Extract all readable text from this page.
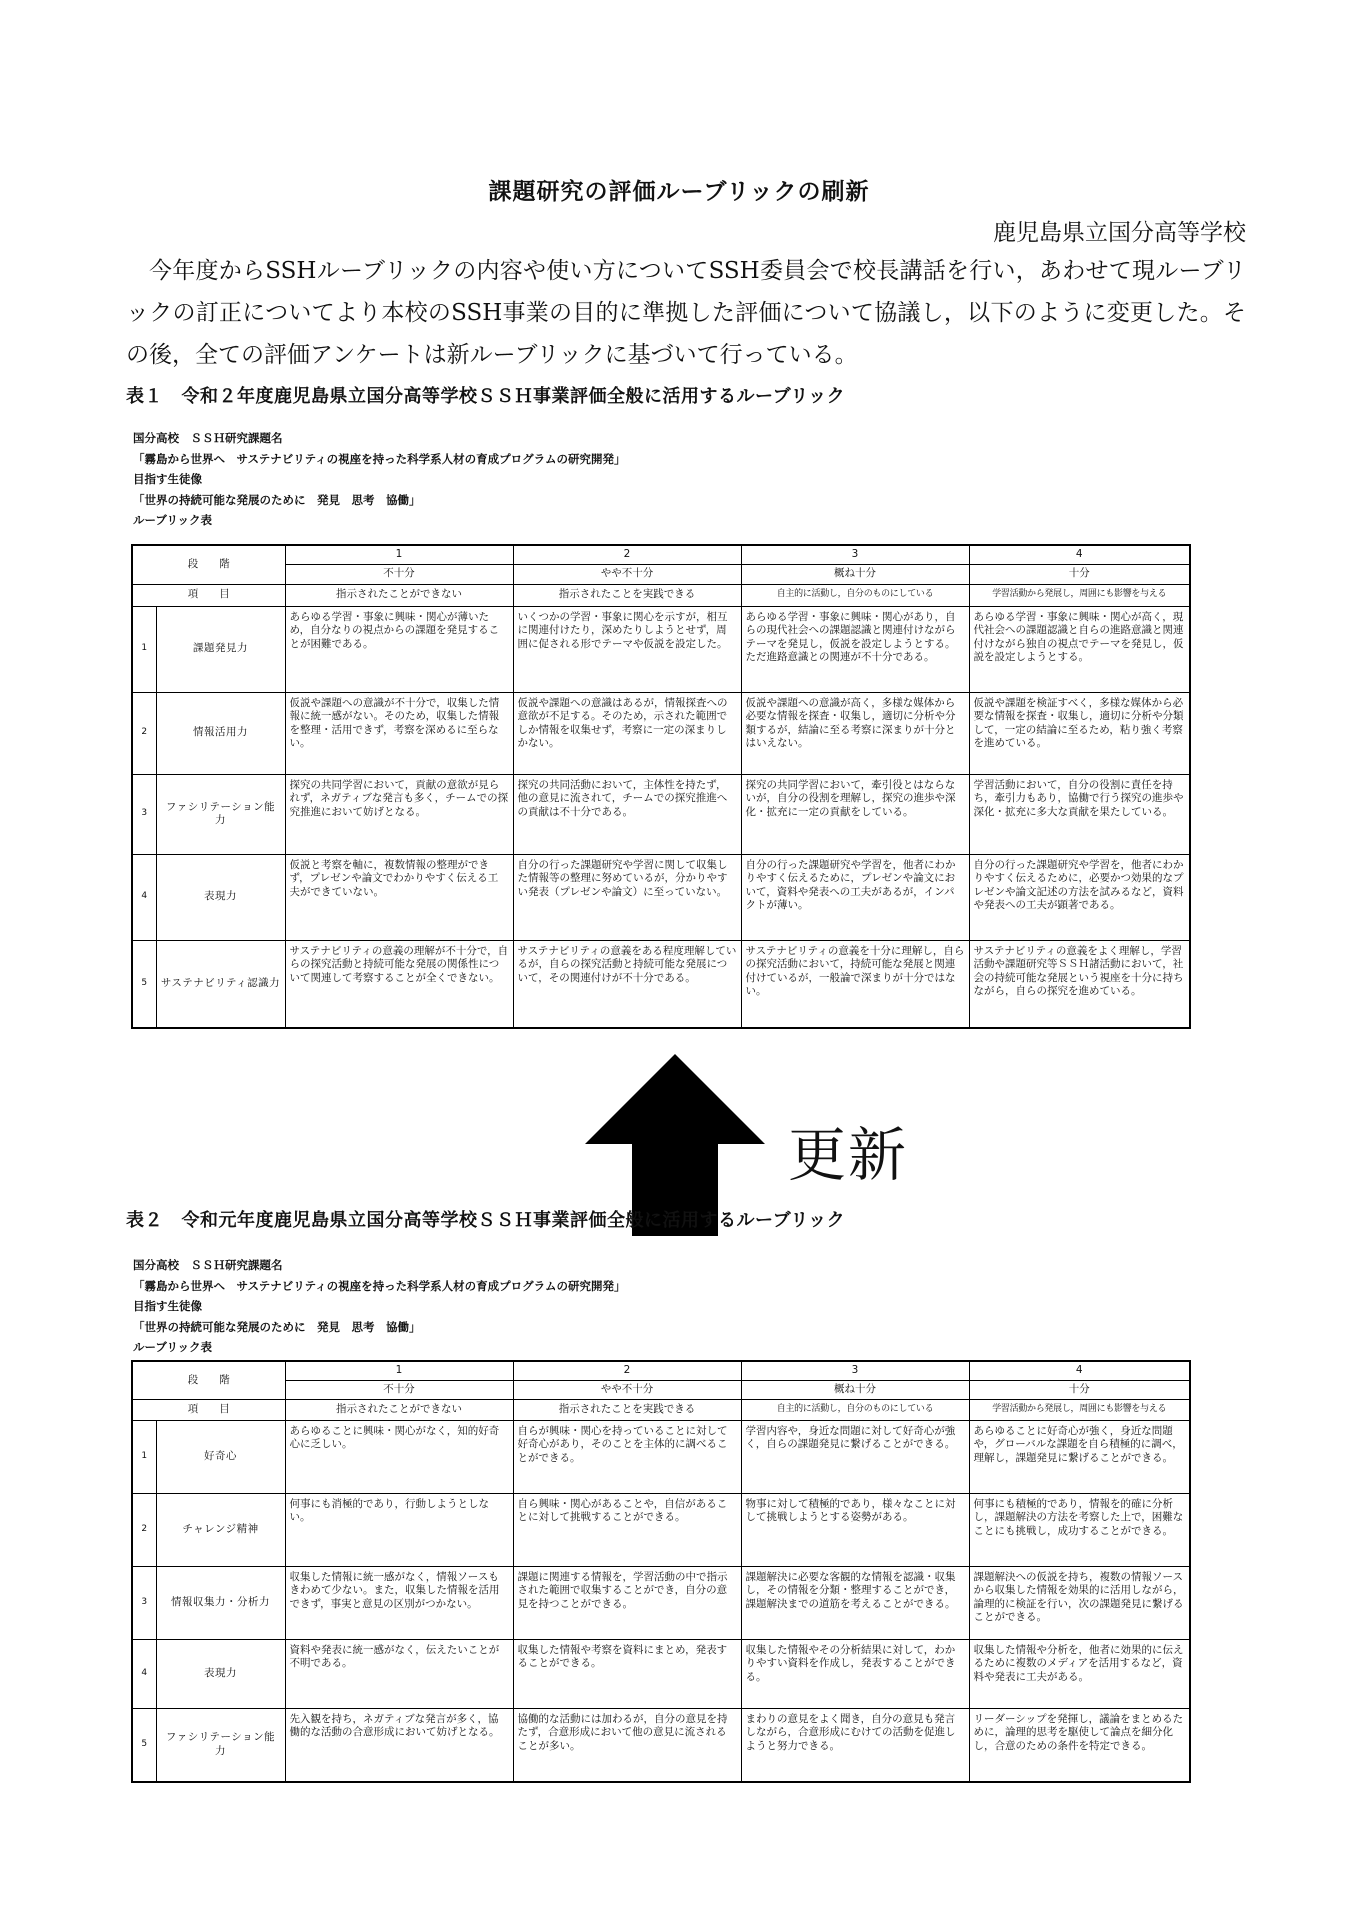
課題研究の評価ルーブリックの刷新
鹿児島県立国分高等学校
今年度からSSHルーブリックの内容や使い方についてSSH委員会で校長講話を行い，あわせて現ルーブリックの訂正についてより本校のSSH事業の目的に準拠した評価について協議し，以下のように変更した。その後，全ての評価アンケートは新ルーブリックに基づいて行っている。
表１　令和２年度鹿児島県立国分高等学校ＳＳＨ事業評価全般に活用するルーブリック
国分高校　ＳＳＨ研究課題名
「霧島から世界へ　サステナビリティの視座を持った科学系人材の育成プログラムの研究開発」
目指す生徒像
「世界の持続可能な発展のために　発見　思考　協働」
ルーブリック表
段　　階		1	2	3	4
		不十分	やや不十分	概ね十分	十分
項　　目		指示されたことができない	指示されたことを実践できる	自主的に活動し，自分のものにしている	学習活動から発展し，周囲にも影響を与える
1	課題発見力	あらゆる学習・事象に興味・関心が薄いため，自分なりの視点からの課題を発見することが困難である。	いくつかの学習・事象に関心を示すが，相互に関連付けたり，深めたりしようとせず，周囲に促される形でテーマや仮説を設定した。	あらゆる学習・事象に興味・関心があり，自らの現代社会への課題認識と関連付けながらテーマを発見し，仮説を設定しようとする。ただ進路意識との関連が不十分である。	あらゆる学習・事象に興味・関心が高く，現代社会への課題認識と自らの進路意識と関連付けながら独自の視点でテーマを発見し，仮説を設定しようとする。
2	情報活用力	仮説や課題への意識が不十分で，収集した情報に統一感がない。そのため，収集した情報を整理・活用できず，考察を深めるに至らない。	仮説や課題への意識はあるが，情報探査への意欲が不足する。そのため，示された範囲でしか情報を収集せず，考察に一定の深まりしかない。	仮説や課題への意識が高く，多様な媒体から必要な情報を探査・収集し，適切に分析や分類するが，結論に至る考察に深まりが十分とはいえない。	仮説や課題を検証すべく，多様な媒体から必要な情報を探査・収集し，適切に分析や分類して，一定の結論に至るため，粘り強く考察を進めている。
3	ファシリテーション能力	探究の共同学習において，貢献の意欲が見られず，ネガティブな発言も多く，チームでの探究推進において妨げとなる。	探究の共同活動において，主体性を持たず，他の意見に流されて，チームでの探究推進への貢献は不十分である。	探究の共同学習において，牽引役とはならないが，自分の役割を理解し，探究の進歩や深化・拡充に一定の貢献をしている。	学習活動において，自分の役割に責任を持ち，牽引力もあり，協働で行う探究の進歩や深化・拡充に多大な貢献を果たしている。
4	表現力	仮説と考察を軸に，複数情報の整理ができず，プレゼンや論文でわかりやすく伝える工夫ができていない。	自分の行った課題研究や学習に関して収集した情報等の整理に努めているが，分かりやすい発表（プレゼンや論文）に至っていない。	自分の行った課題研究や学習を，他者にわかりやすく伝えるために，プレゼンや論文において，資料や発表への工夫があるが，インパクトが薄い。	自分の行った課題研究や学習を，他者にわかりやすく伝えるために，必要かつ効果的なプレゼンや論文記述の方法を試みるなど，資料や発表への工夫が顕著である。
5	サステナビリティ認識力	サステナビリティの意義の理解が不十分で，自らの探究活動と持続可能な発展の関係性について関連して考察することが全くできない。	サステナビリティの意義をある程度理解しているが，自らの探究活動と持続可能な発展について，その関連付けが不十分である。	サステナビリティの意義を十分に理解し，自らの探究活動において，持続可能な発展と関連付けているが，一般論で深まりが十分ではない。	サステナビリティの意義をよく理解し，学習活動や課題研究等ＳＳＨ諸活動において，社会の持続可能な発展という視座を十分に持ちながら，自らの探究を進めている。
更新
表２　令和元年度鹿児島県立国分高等学校ＳＳＨ事業評価全般に活用するルーブリック
国分高校　ＳＳＨ研究課題名
「霧島から世界へ　サステナビリティの視座を持った科学系人材の育成プログラムの研究開発」
目指す生徒像
「世界の持続可能な発展のために　発見　思考　協働」
ルーブリック表
段　　階		1	2	3	4
		不十分	やや不十分	概ね十分	十分
項　　目		指示されたことができない	指示されたことを実践できる	自主的に活動し，自分のものにしている	学習活動から発展し，周囲にも影響を与える
1	好奇心	あらゆることに興味・関心がなく，知的好奇心に乏しい。	自らが興味・関心を持っていることに対して好奇心があり，そのことを主体的に調べることができる。	学習内容や，身近な問題に対して好奇心が強く，自らの課題発見に繋げることができる。	あらゆることに好奇心が強く，身近な問題や，グローバルな課題を自ら積極的に調べ，理解し，課題発見に繋げることができる。
2	チャレンジ精神	何事にも消極的であり，行動しようとしない。	自ら興味・関心があることや，自信があることに対して挑戦することができる。	物事に対して積極的であり，様々なことに対して挑戦しようとする姿勢がある。	何事にも積極的であり，情報を的確に分析し，課題解決の方法を考察した上で，困難なことにも挑戦し，成功することができる。
3	情報収集力・分析力	収集した情報に統一感がなく，情報ソースもきわめて少ない。また，収集した情報を活用できず，事実と意見の区別がつかない。	課題に関連する情報を，学習活動の中で指示された範囲で収集することができ，自分の意見を持つことができる。	課題解決に必要な客観的な情報を認識・収集し，その情報を分類・整理することができ，課題解決までの道筋を考えることができる。	課題解決への仮説を持ち，複数の情報ソースから収集した情報を効果的に活用しながら，論理的に検証を行い，次の課題発見に繋げることができる。
4	表現力	資料や発表に統一感がなく，伝えたいことが不明である。	収集した情報や考察を資料にまとめ，発表することができる。	収集した情報やその分析結果に対して，わかりやすい資料を作成し，発表することができる。	収集した情報や分析を，他者に効果的に伝えるために複数のメディアを活用するなど，資料や発表に工夫がある。
5	ファシリテーション能力	先入観を持ち，ネガティブな発言が多く，協働的な活動の合意形成において妨げとなる。	協働的な活動には加わるが，自分の意見を持たず，合意形成において他の意見に流されることが多い。	まわりの意見をよく聞き，自分の意見も発言しながら，合意形成にむけての活動を促進しようと努力できる。	リーダーシップを発揮し，議論をまとめるために，論理的思考を駆使して論点を細分化し，合意のための条件を特定できる。
